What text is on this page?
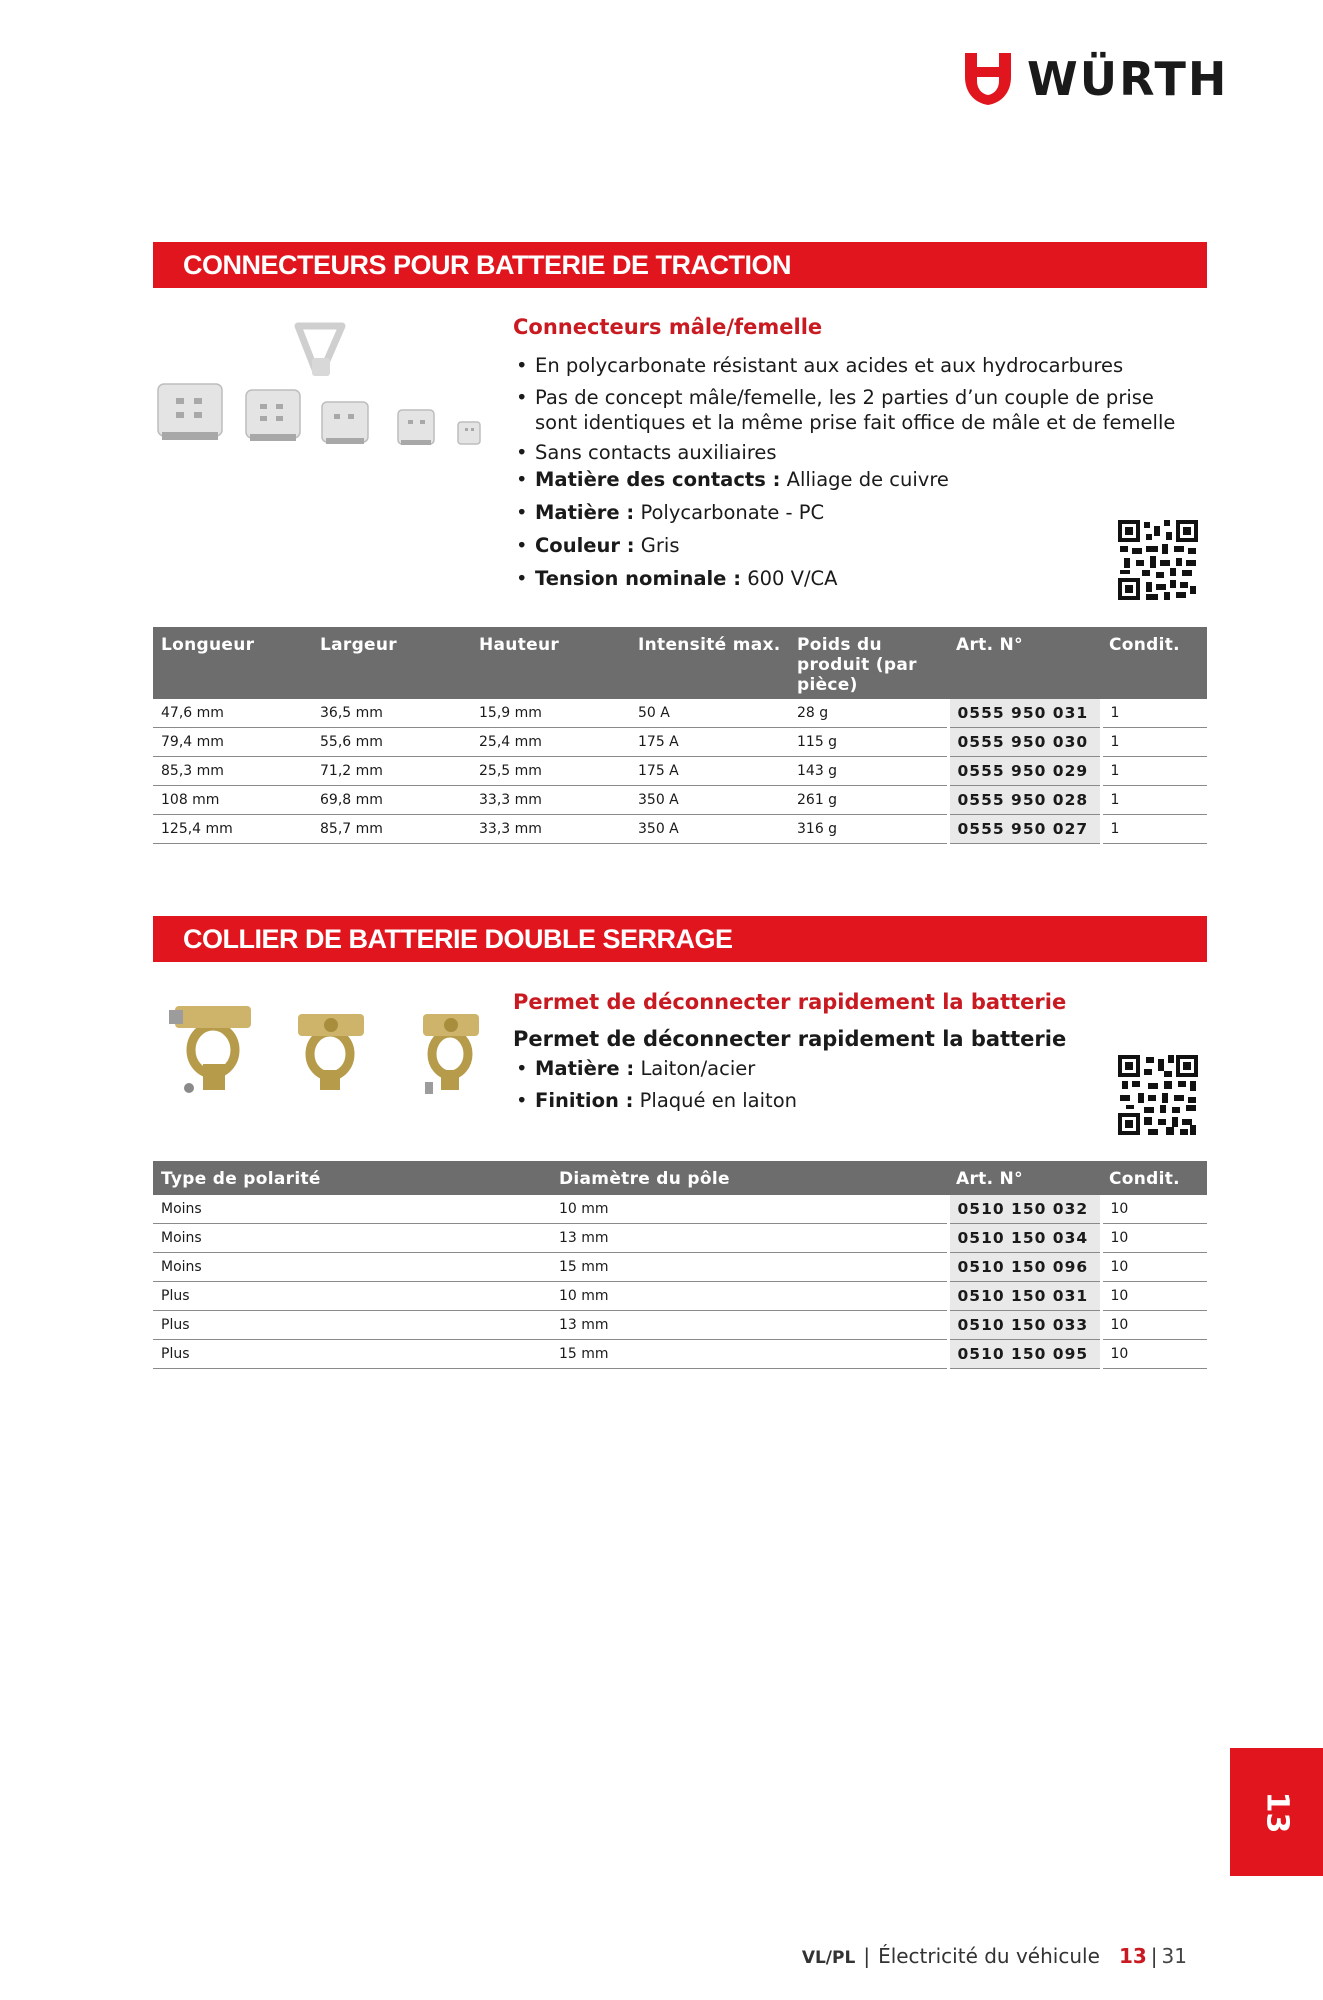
WÜRTH
CONNECTEURS POUR BATTERIE DE TRACTION
Connecteurs mâle/femelle
• En polycarbonate résistant aux acides et aux hydrocarbures
• Pas de concept mâle/femelle, les 2 parties d’un couple de prise sont identiques et la même prise fait office de mâle et de femelle
• Sans contacts auxiliaires
• Matière des contacts : Alliage de cuivre
• Matière : Polycarbonate - PC
• Couleur : Gris
• Tension nominale : 600 V/CA
Longueur	Largeur	Hauteur	Intensité max.	Poids du produit (par pièce)	Art. N°	Condit.
47,6 mm	36,5 mm	15,9 mm	50 A	28 g	0555 950 031	1
79,4 mm	55,6 mm	25,4 mm	175 A	115 g	0555 950 030	1
85,3 mm	71,2 mm	25,5 mm	175 A	143 g	0555 950 029	1
108 mm	69,8 mm	33,3 mm	350 A	261 g	0555 950 028	1
125,4 mm	85,7 mm	33,3 mm	350 A	316 g	0555 950 027	1
COLLIER DE BATTERIE DOUBLE SERRAGE
Permet de déconnecter rapidement la batterie
Permet de déconnecter rapidement la batterie
• Matière : Laiton/acier
• Finition : Plaqué en laiton
Type de polarité	Diamètre du pôle	Art. N°	Condit.
Moins	10 mm	0510 150 032	10
Moins	13 mm	0510 150 034	10
Moins	15 mm	0510 150 096	10
Plus	10 mm	0510 150 031	10
Plus	13 mm	0510 150 033	10
Plus	15 mm	0510 150 095	10
13
VL/PL | Électricité du véhicule 13 | 31
